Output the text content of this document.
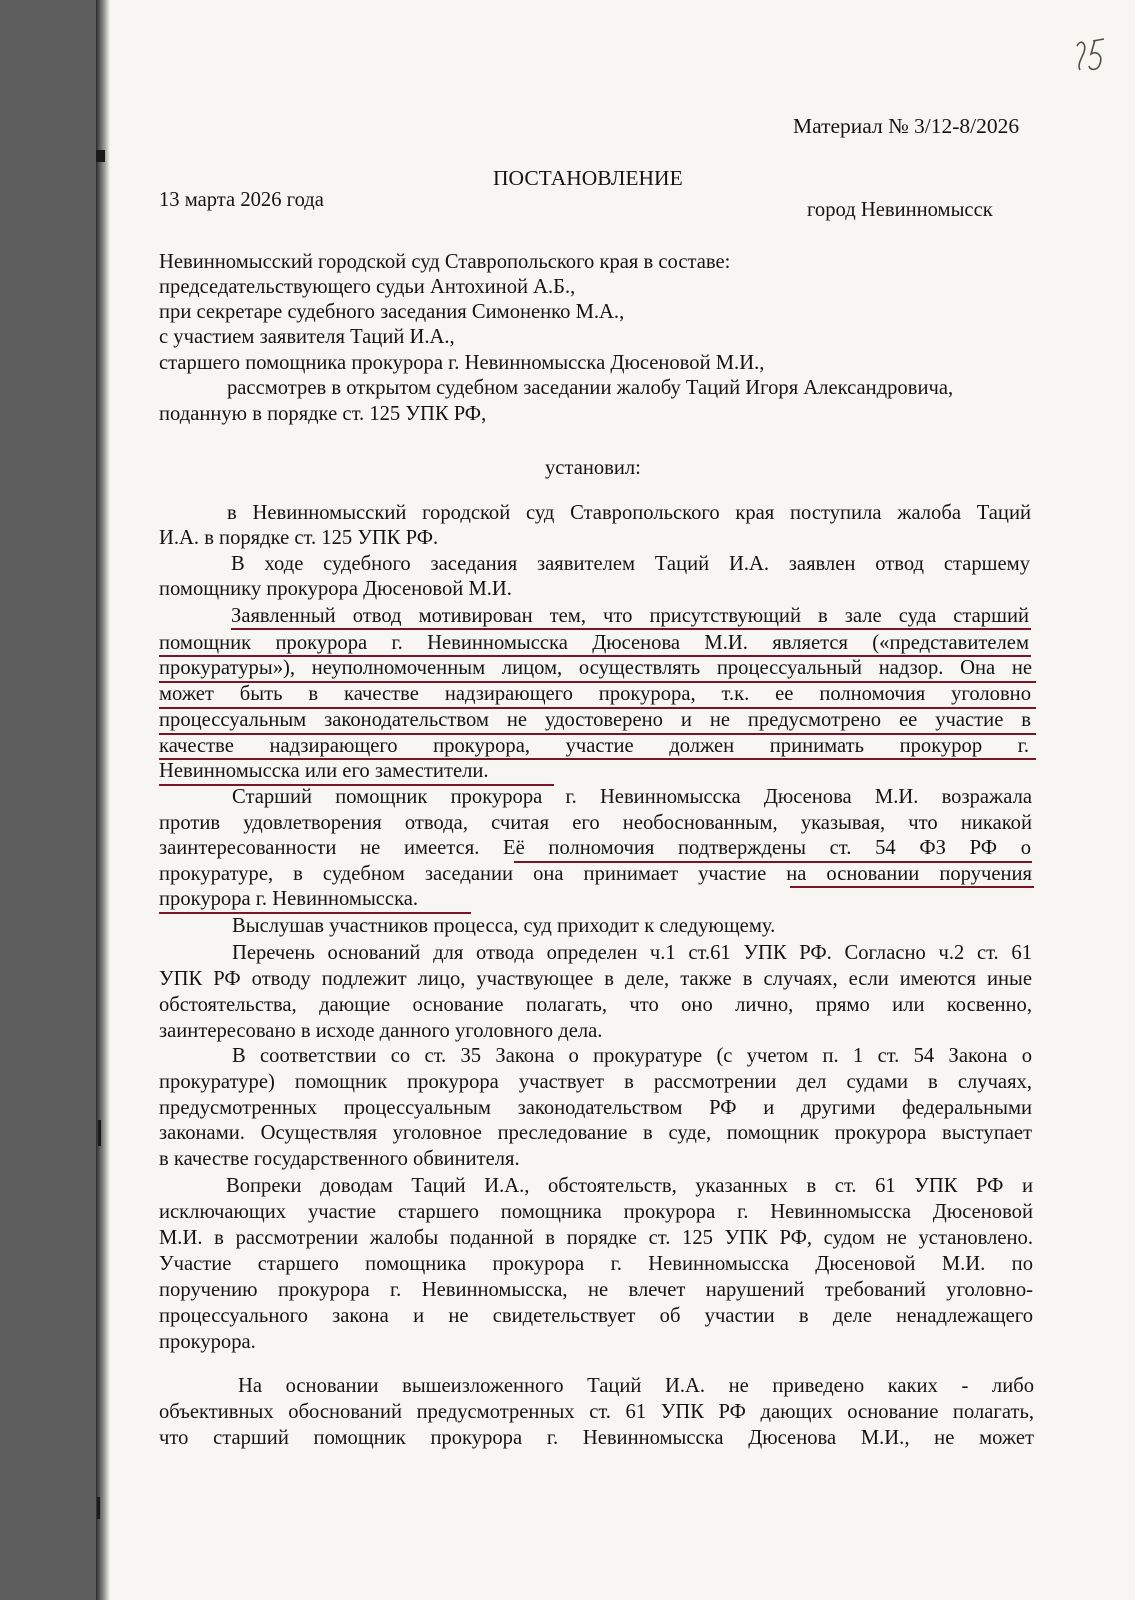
Материал № 3/12-8/2026

ПОСТАНОВЛЕНИЕ

13 марта 2026 года	город Невинномысск

Невинномысский городской суд Ставропольского края в составе:

председательствующего судьи Антохиной А.Б.,

при секретаре судебного заседания Симоненко М.А.,

с участием заявителя Таций И.А.,

старшего помощника прокурора г. Невинномысска Дюсеновой М.И.,

рассмотрев в открытом судебном заседании жалобу Таций Игоря Александровича,

поданную в порядке ст. 125 УПК РФ,

установил:

в Невинномысский городской суд Ставропольского края поступила жалоба Таций

И.А. в порядке ст. 125 УПК РФ.

В ходе судебного заседания заявителем Таций И.А. заявлен отвод старшему

помощнику прокурора Дюсеновой М.И.

Заявленный отвод мотивирован тем, что присутствующий в зале суда старший

помощник прокурора г. Невинномысска Дюсенова М.И. является («представителем

прокуратуры»), неуполномоченным лицом, осуществлять процессуальный надзор. Она не

может быть в качестве надзирающего прокурора, т.к. ее полномочия уголовно

процессуальным законодательством не удостоверено и не предусмотрено ее участие в

качестве надзирающего прокурора, участие должен принимать прокурор г.

Невинномысска или его заместители.

Старший помощник прокурора г. Невинномысска Дюсенова М.И. возражала

против удовлетворения отвода, считая его необоснованным, указывая, что никакой

заинтересованности не имеется. Её полномочия подтверждены ст. 54 ФЗ РФ о

прокуратуре, в судебном заседании она принимает участие на основании поручения

прокурора г. Невинномысска.

Выслушав участников процесса, суд приходит к следующему.

Перечень оснований для отвода определен ч.1 ст.61 УПК РФ. Согласно ч.2 ст. 61

УПК РФ отводу подлежит лицо, участвующее в деле, также в случаях, если имеются иные

обстоятельства, дающие основание полагать, что оно лично, прямо или косвенно,

заинтересовано в исходе данного уголовного дела.

В соответствии со ст. 35 Закона о прокуратуре (с учетом п. 1 ст. 54 Закона о

прокуратуре) помощник прокурора участвует в рассмотрении дел судами в случаях,

предусмотренных процессуальным законодательством РФ и другими федеральными

законами. Осуществляя уголовное преследование в суде, помощник прокурора выступает

в качестве государственного обвинителя.

Вопреки доводам Таций И.А., обстоятельств, указанных в ст. 61 УПК РФ и

исключающих участие старшего помощника прокурора г. Невинномысска Дюсеновой

М.И. в рассмотрении жалобы поданной в порядке ст. 125 УПК РФ, судом не установлено.

Участие старшего помощника прокурора г. Невинномысска Дюсеновой М.И. по

поручению прокурора г. Невинномысска, не влечет нарушений требований уголовно-

процессуального закона и не свидетельствует об участии в деле ненадлежащего

прокурора.

На основании вышеизложенного Таций И.А. не приведено каких - либо

объективных обоснований предусмотренных ст. 61 УПК РФ дающих основание полагать,

что старший помощник прокурора г. Невинномысска Дюсенова М.И., не может
